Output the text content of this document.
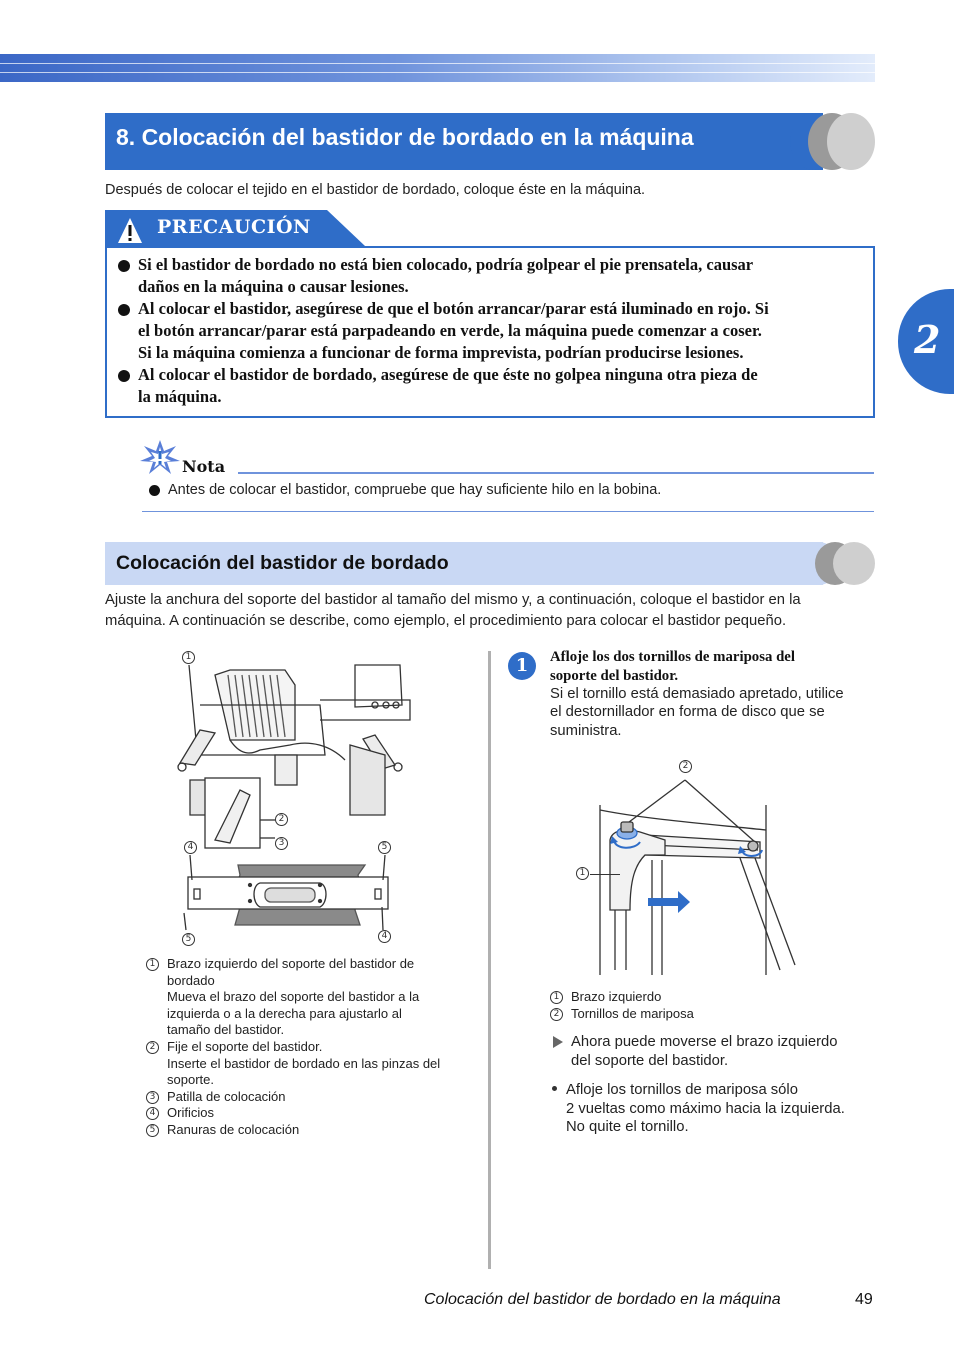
2
8. Colocación del bastidor de bordado en la máquina
Después de colocar el tejido en el bastidor de bordado, coloque éste en la máquina.
PRECAUCIÓN
Si el bastidor de bordado no está bien colocado, podría golpear el pie prensatela, causar
daños en la máquina o causar lesiones.
Al colocar el bastidor, asegúrese de que el botón arrancar/parar está iluminado en rojo. Si
el botón arrancar/parar está parpadeando en verde, la máquina puede comenzar a coser.
Si la máquina comienza a funcionar de forma imprevista, podrían producirse lesiones.
Al colocar el bastidor de bordado, asegúrese de que éste no golpea ninguna otra pieza de
la máquina.
Nota
Antes de colocar el bastidor, compruebe que hay suficiente hilo en la bobina.
Colocación del bastidor de bordado
Ajuste la anchura del soporte del bastidor al tamaño del mismo y, a continuación, coloque el bastidor en la
máquina. A continuación se describe, como ejemplo, el procedimiento para colocar el bastidor pequeño.
1
2
3
4	5
5	4
1 Brazo izquierdo del soporte del bastidor de
bordado
Mueva el brazo del soporte del bastidor a la
izquierda o a la derecha para ajustarlo al
tamaño del bastidor.
2 Fije el soporte del bastidor.
Inserte el bastidor de bordado en las pinzas del
soporte.
3 Patilla de colocación
4 Orificios
5 Ranuras de colocación
1	Afloje los dos tornillos de mariposa del
soporte del bastidor.
Si el tornillo está demasiado apretado, utilice
el destornillador en forma de disco que se
suministra.
2
1
1 Brazo izquierdo
2 Tornillos de mariposa
Ahora puede moverse el brazo izquierdo
del soporte del bastidor.
Afloje los tornillos de mariposa sólo
2 vueltas como máximo hacia la izquierda.
No quite el tornillo.
Colocación del bastidor de bordado en la máquina	49
